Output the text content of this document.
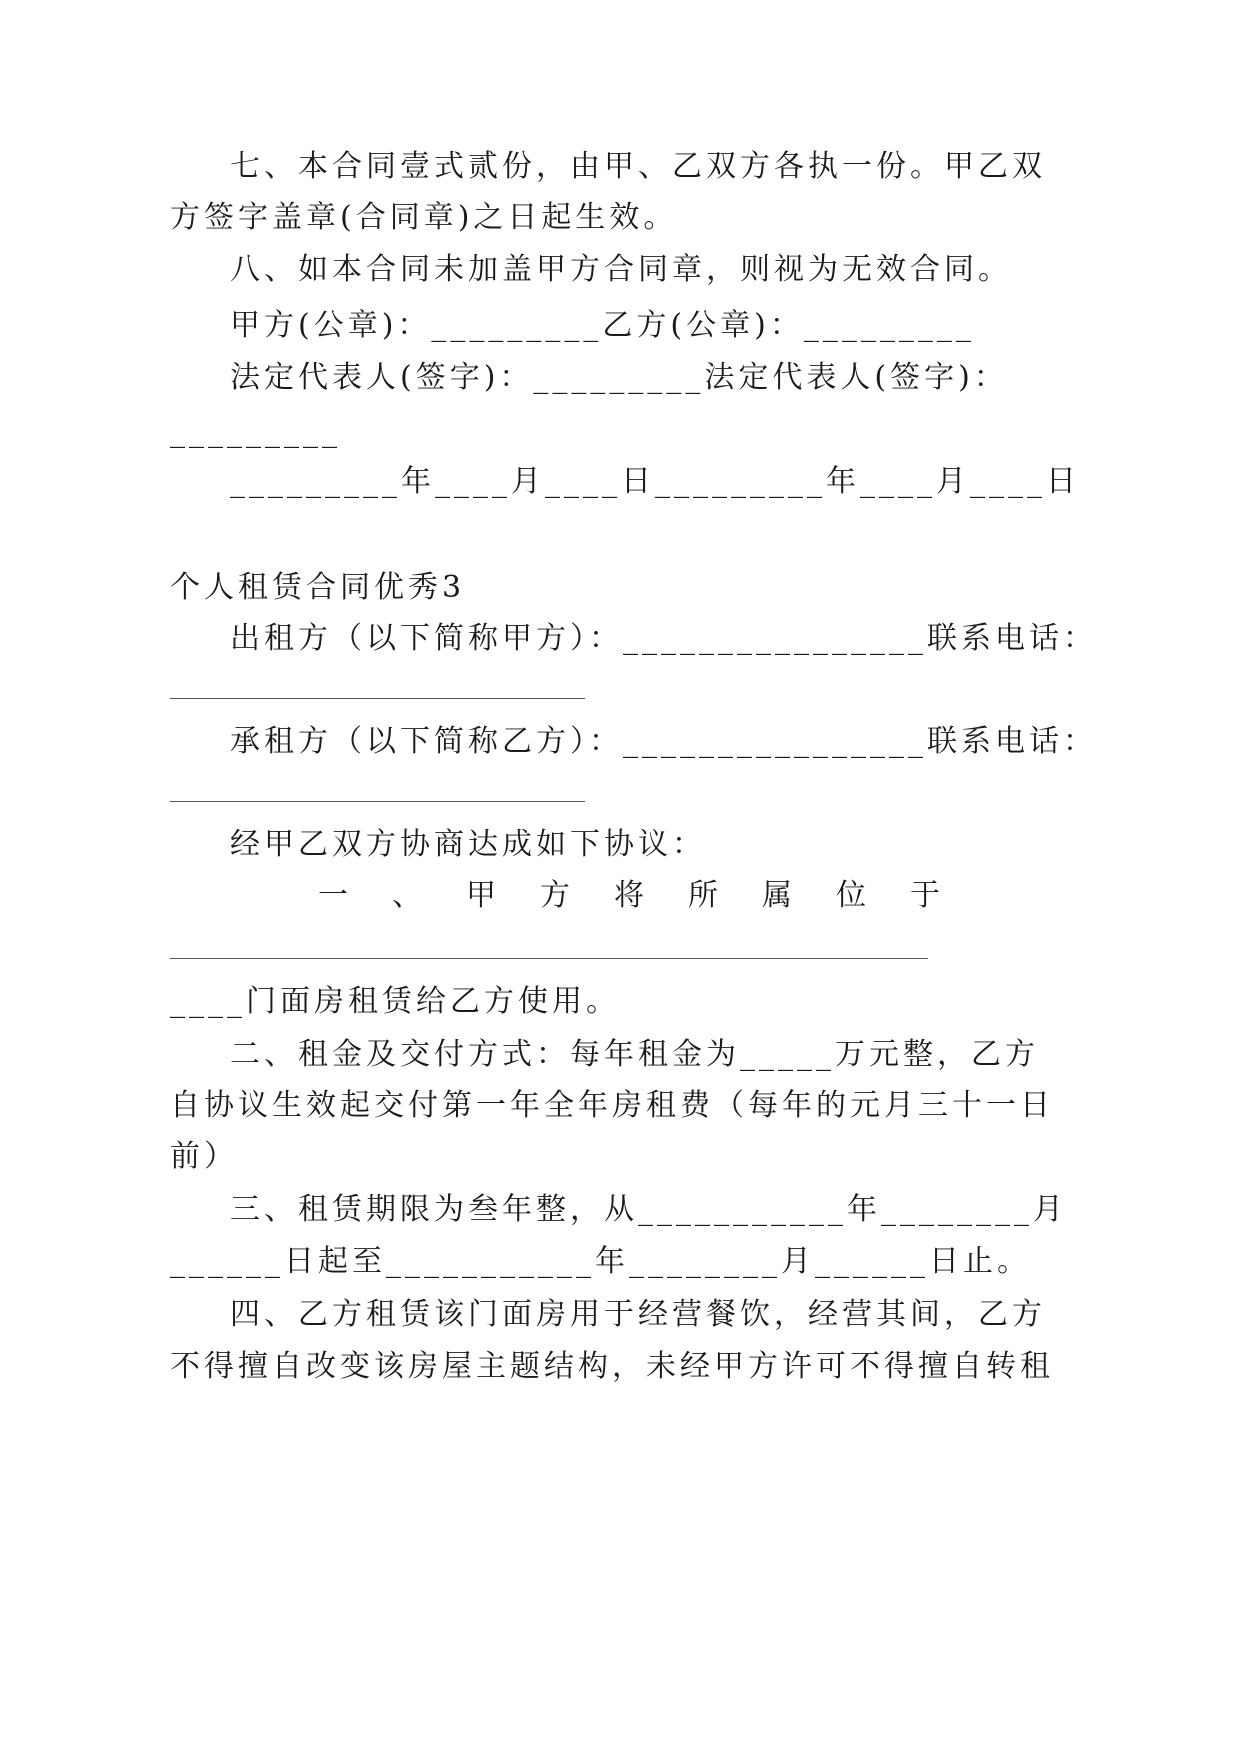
七、本合同壹式贰份，由甲、乙双方各执一份。甲乙双
方签字盖章(合同章)之日起生效。
八、如本合同未加盖甲方合同章，则视为无效合同。
甲方(公章)：_________乙方(公章)：_________
法定代表人(签字)：_________法定代表人(签字)：
_________
_________年____月____日_________年____月____日
个人租赁合同优秀3
出租方（以下简称甲方）：________________联系电话：
承租方（以下简称乙方）：________________联系电话：
经甲乙双方协商达成如下协议：
一 、 甲 方 将 所 属 位 于
____门面房租赁给乙方使用。
二、租金及交付方式：每年租金为_____万元整，乙方
自协议生效起交付第一年全年房租费（每年的元月三十一日
前）
三、租赁期限为叁年整，从___________年________月
______日起至___________年________月______日止。
四、乙方租赁该门面房用于经营餐饮，经营其间，乙方
不得擅自改变该房屋主题结构，未经甲方许可不得擅自转租
